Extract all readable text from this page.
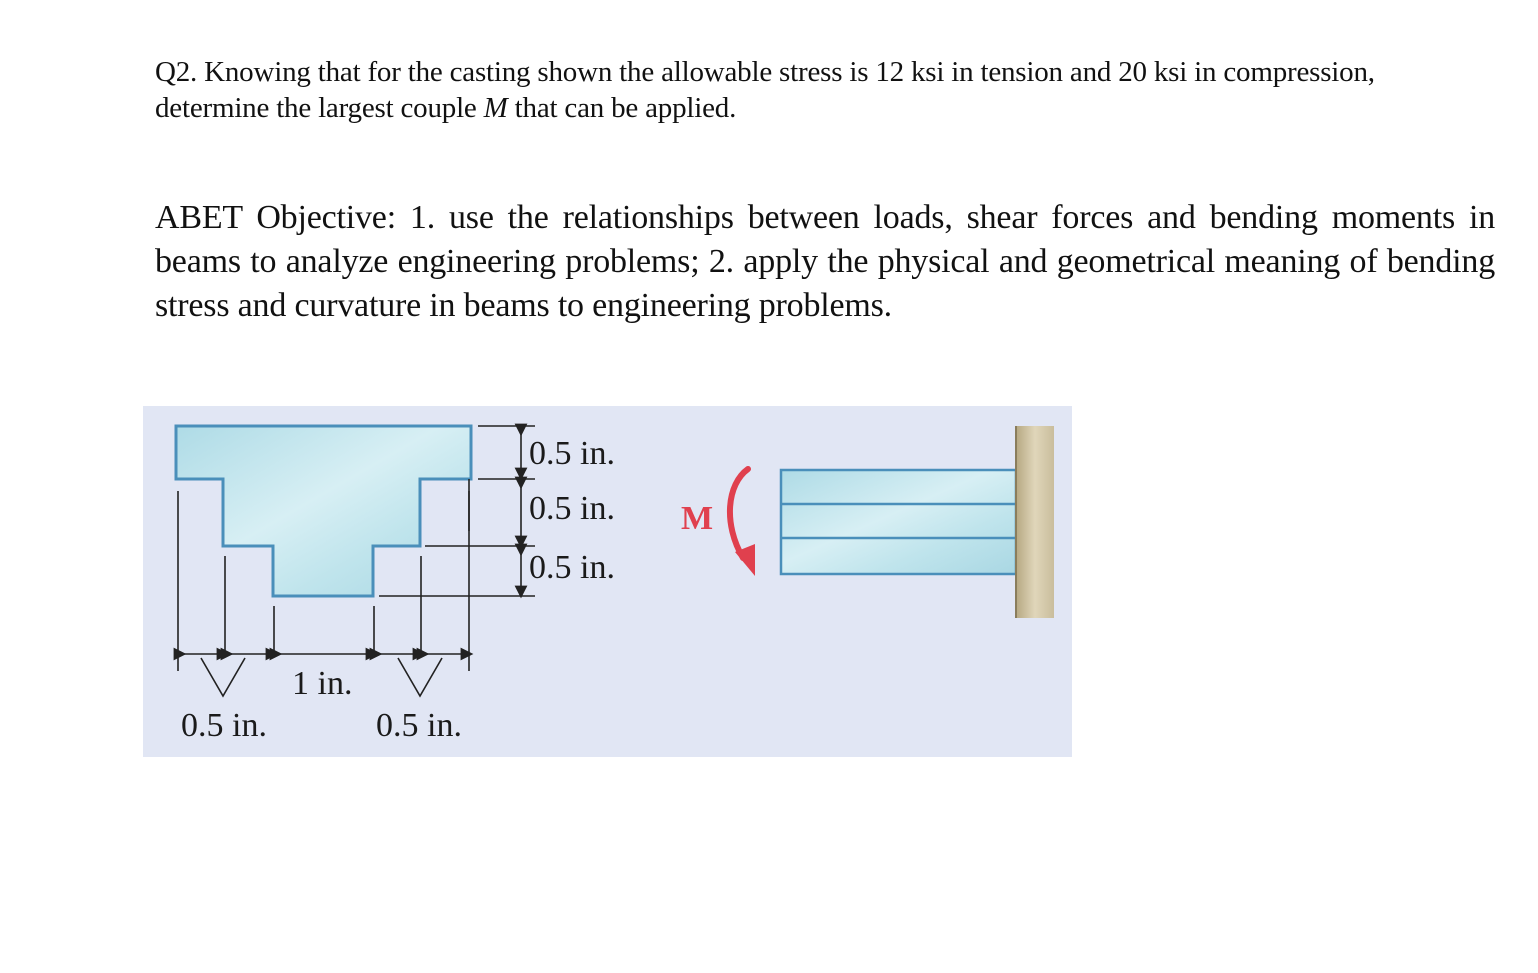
Q2. Knowing that for the casting shown the allowable stress is 12 ksi in tension and 20 ksi in compression, determine the largest couple M that can be applied.

ABET Objective: 1. use the relationships between loads, shear forces and bending moments in beams to analyze engineering problems; 2. apply the physical and geometrical meaning of bending stress and curvature in beams to engineering problems.

0.5 in.
0.5 in.
0.5 in.
0.5 in.
1 in.
0.5 in.
M
